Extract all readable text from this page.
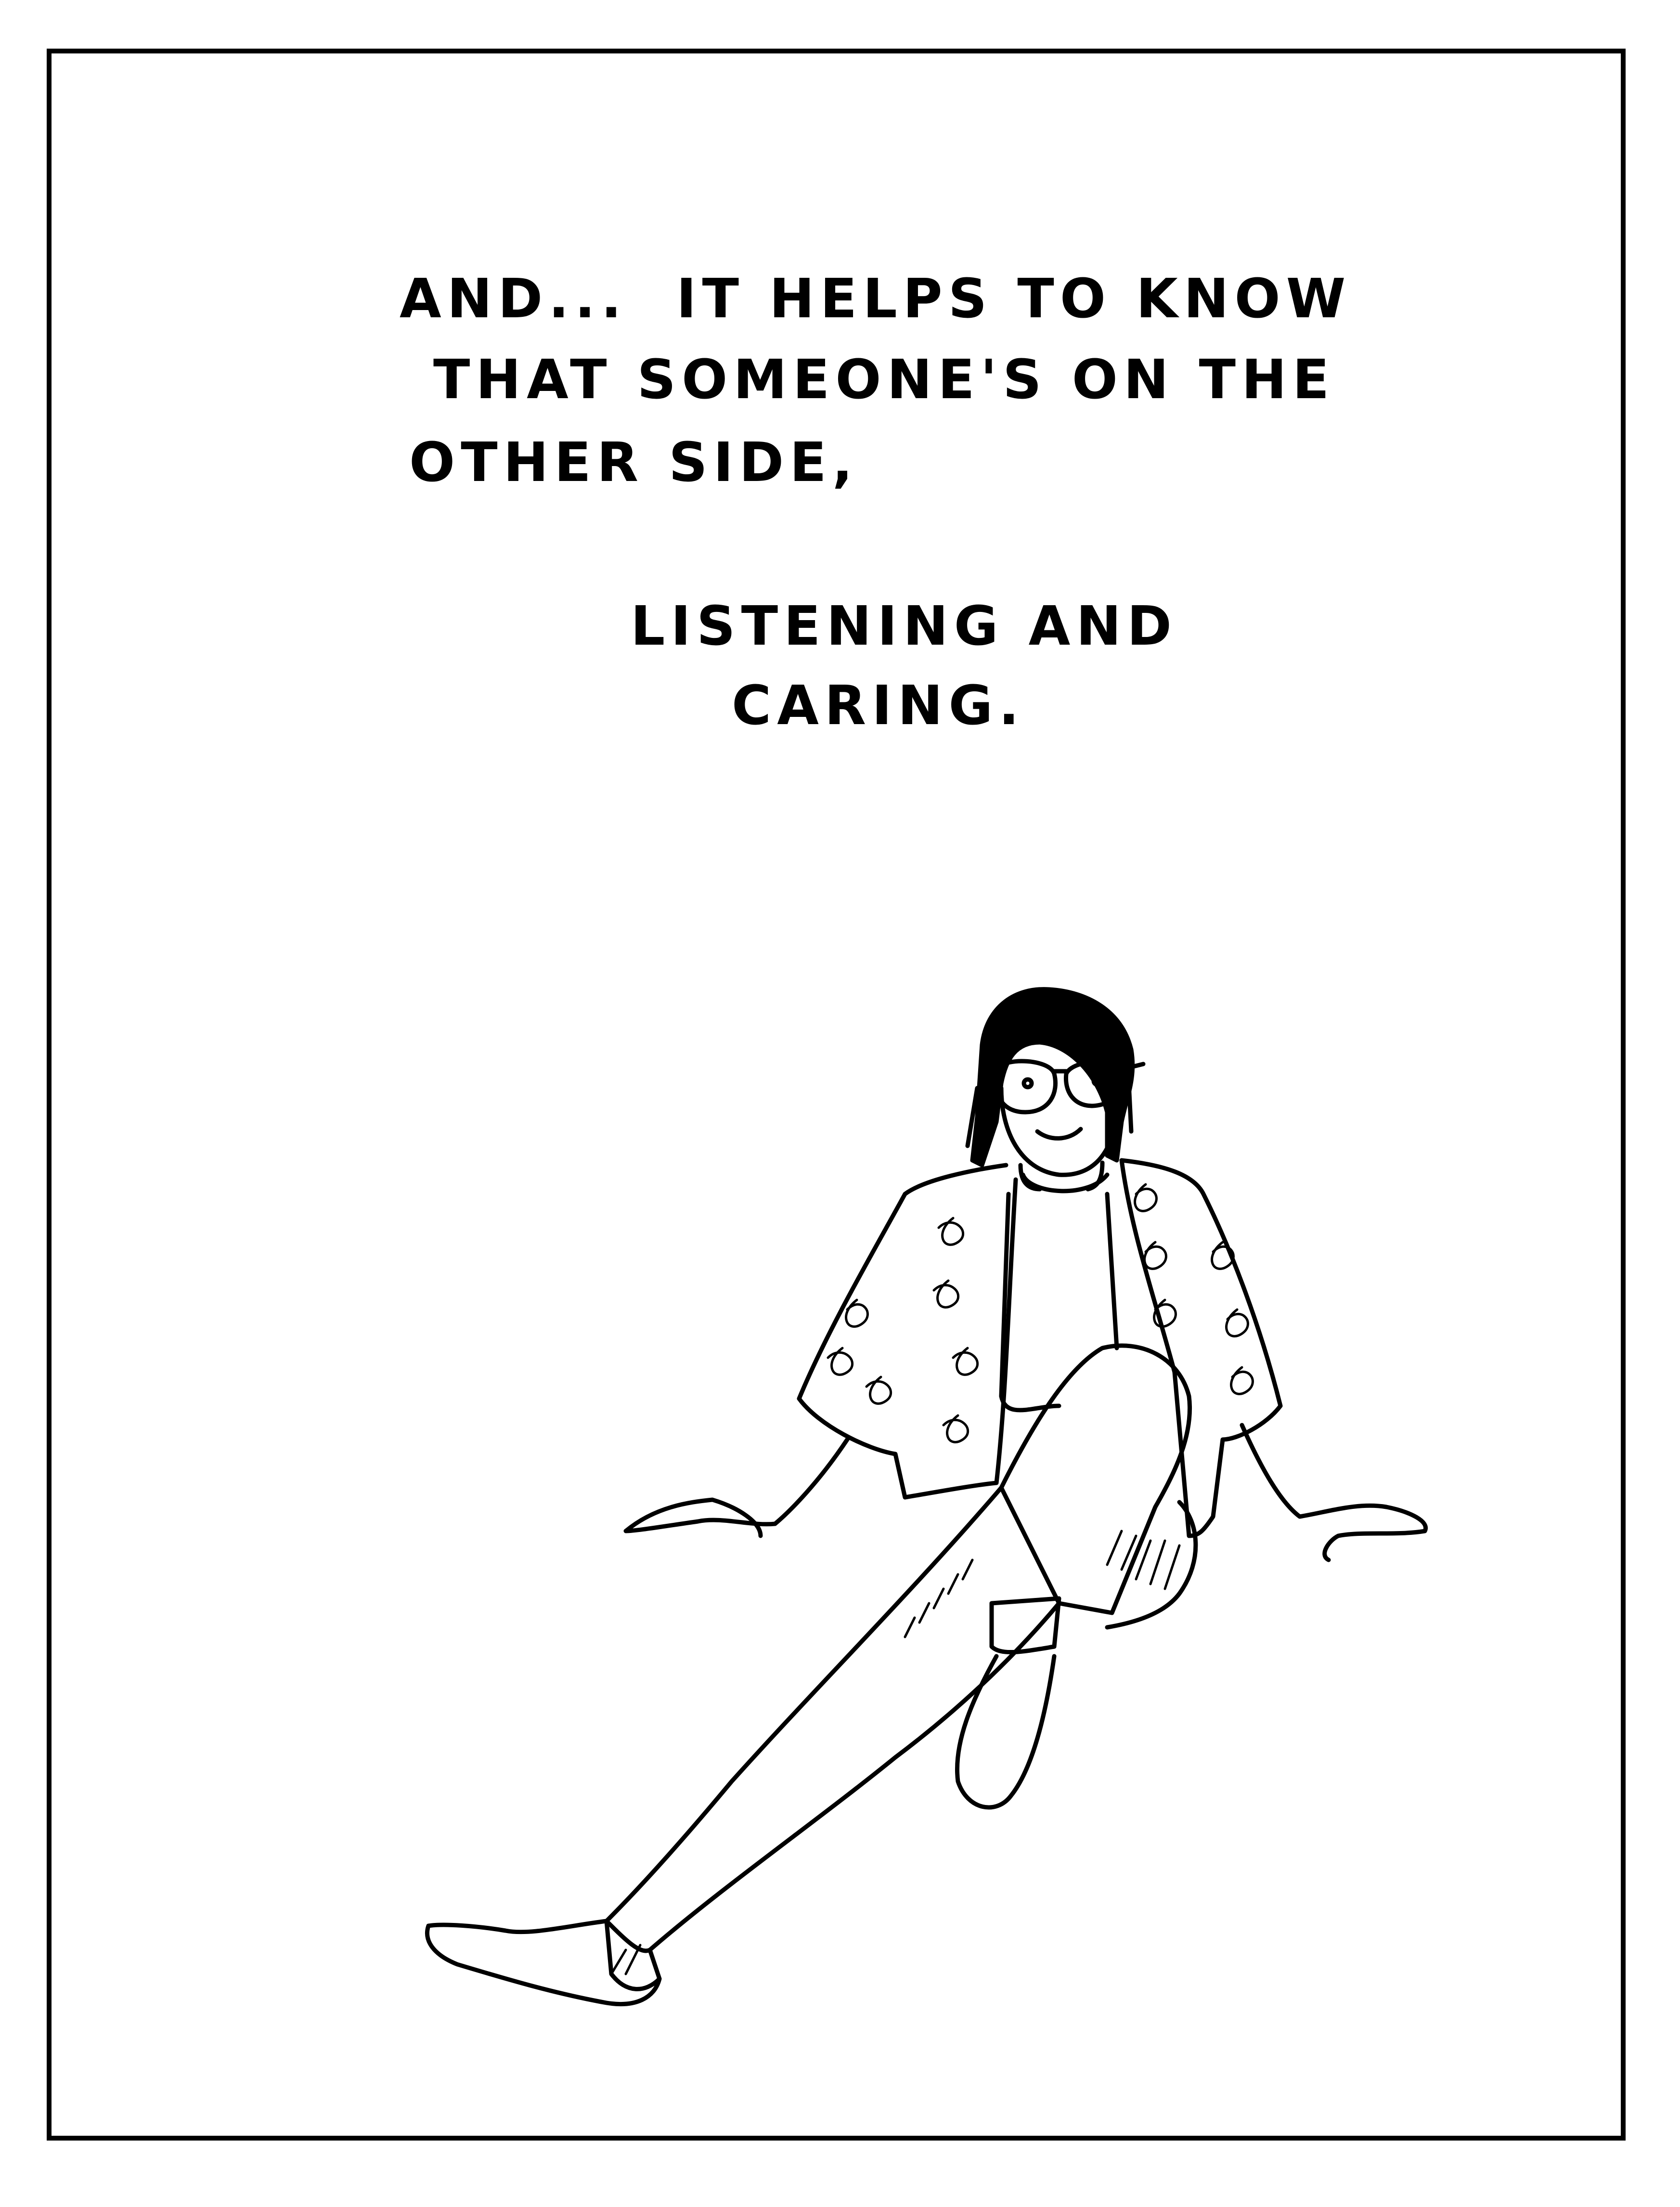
AND...  IT HELPS TO KNOW
THAT SOMEONE'S ON THE
OTHER SIDE,
LISTENING AND
CARING.
